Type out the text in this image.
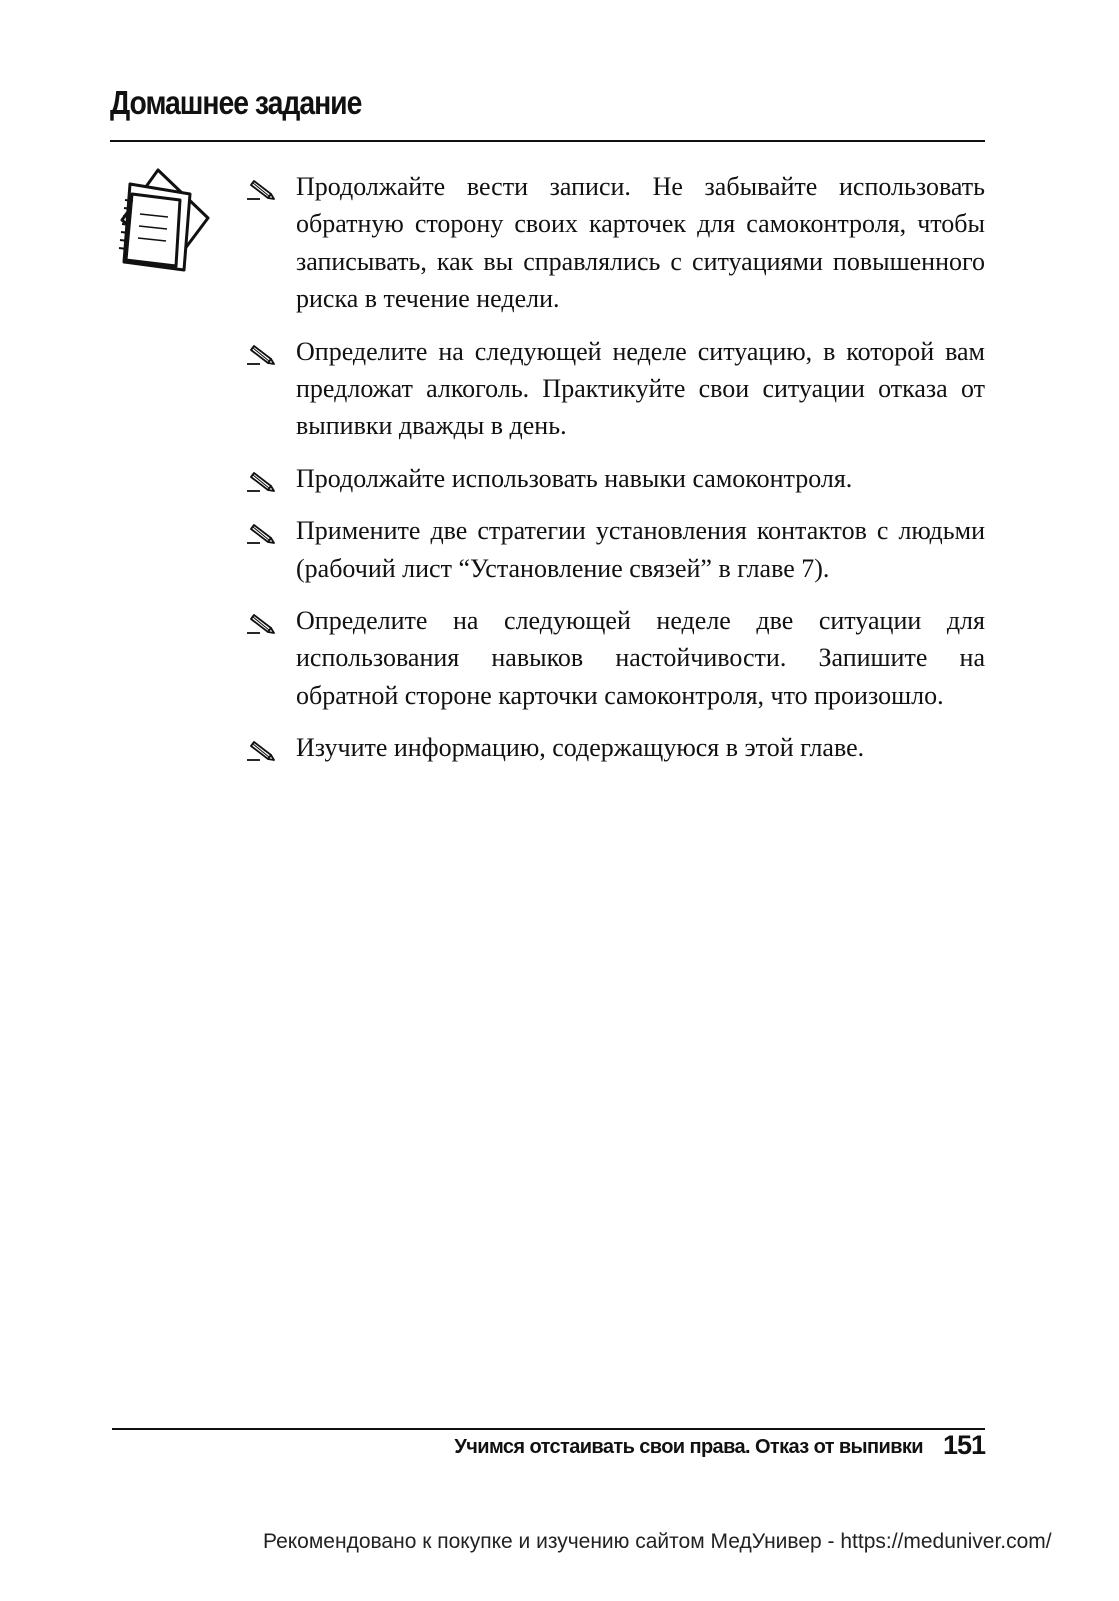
Домашнее задание
Продолжайте вести записи. Не забывайте использовать обратную сторону своих карточек для самоконтроля, чтобы записывать, как вы справлялись с ситуациями повышенного риска в течение недели.
Определите на следующей неделе ситуацию, в которой вам предложат алкоголь. Практикуйте свои ситуации отказа от выпивки дважды в день.
Продолжайте использовать навыки самоконтроля.
Примените две стратегии установления контактов с людьми (рабочий лист “Установление связей” в главе 7).
Определите на следующей неделе две ситуации для использования навыков настойчивости. Запишите на обратной стороне карточки самоконтроля, что произошло.
Изучите информацию, содержащуюся в этой главе.
Учимся отстаивать свои права. Отказ от выпивки 151
Рекомендовано к покупке и изучению сайтом МедУнивер - https://meduniver.com/
